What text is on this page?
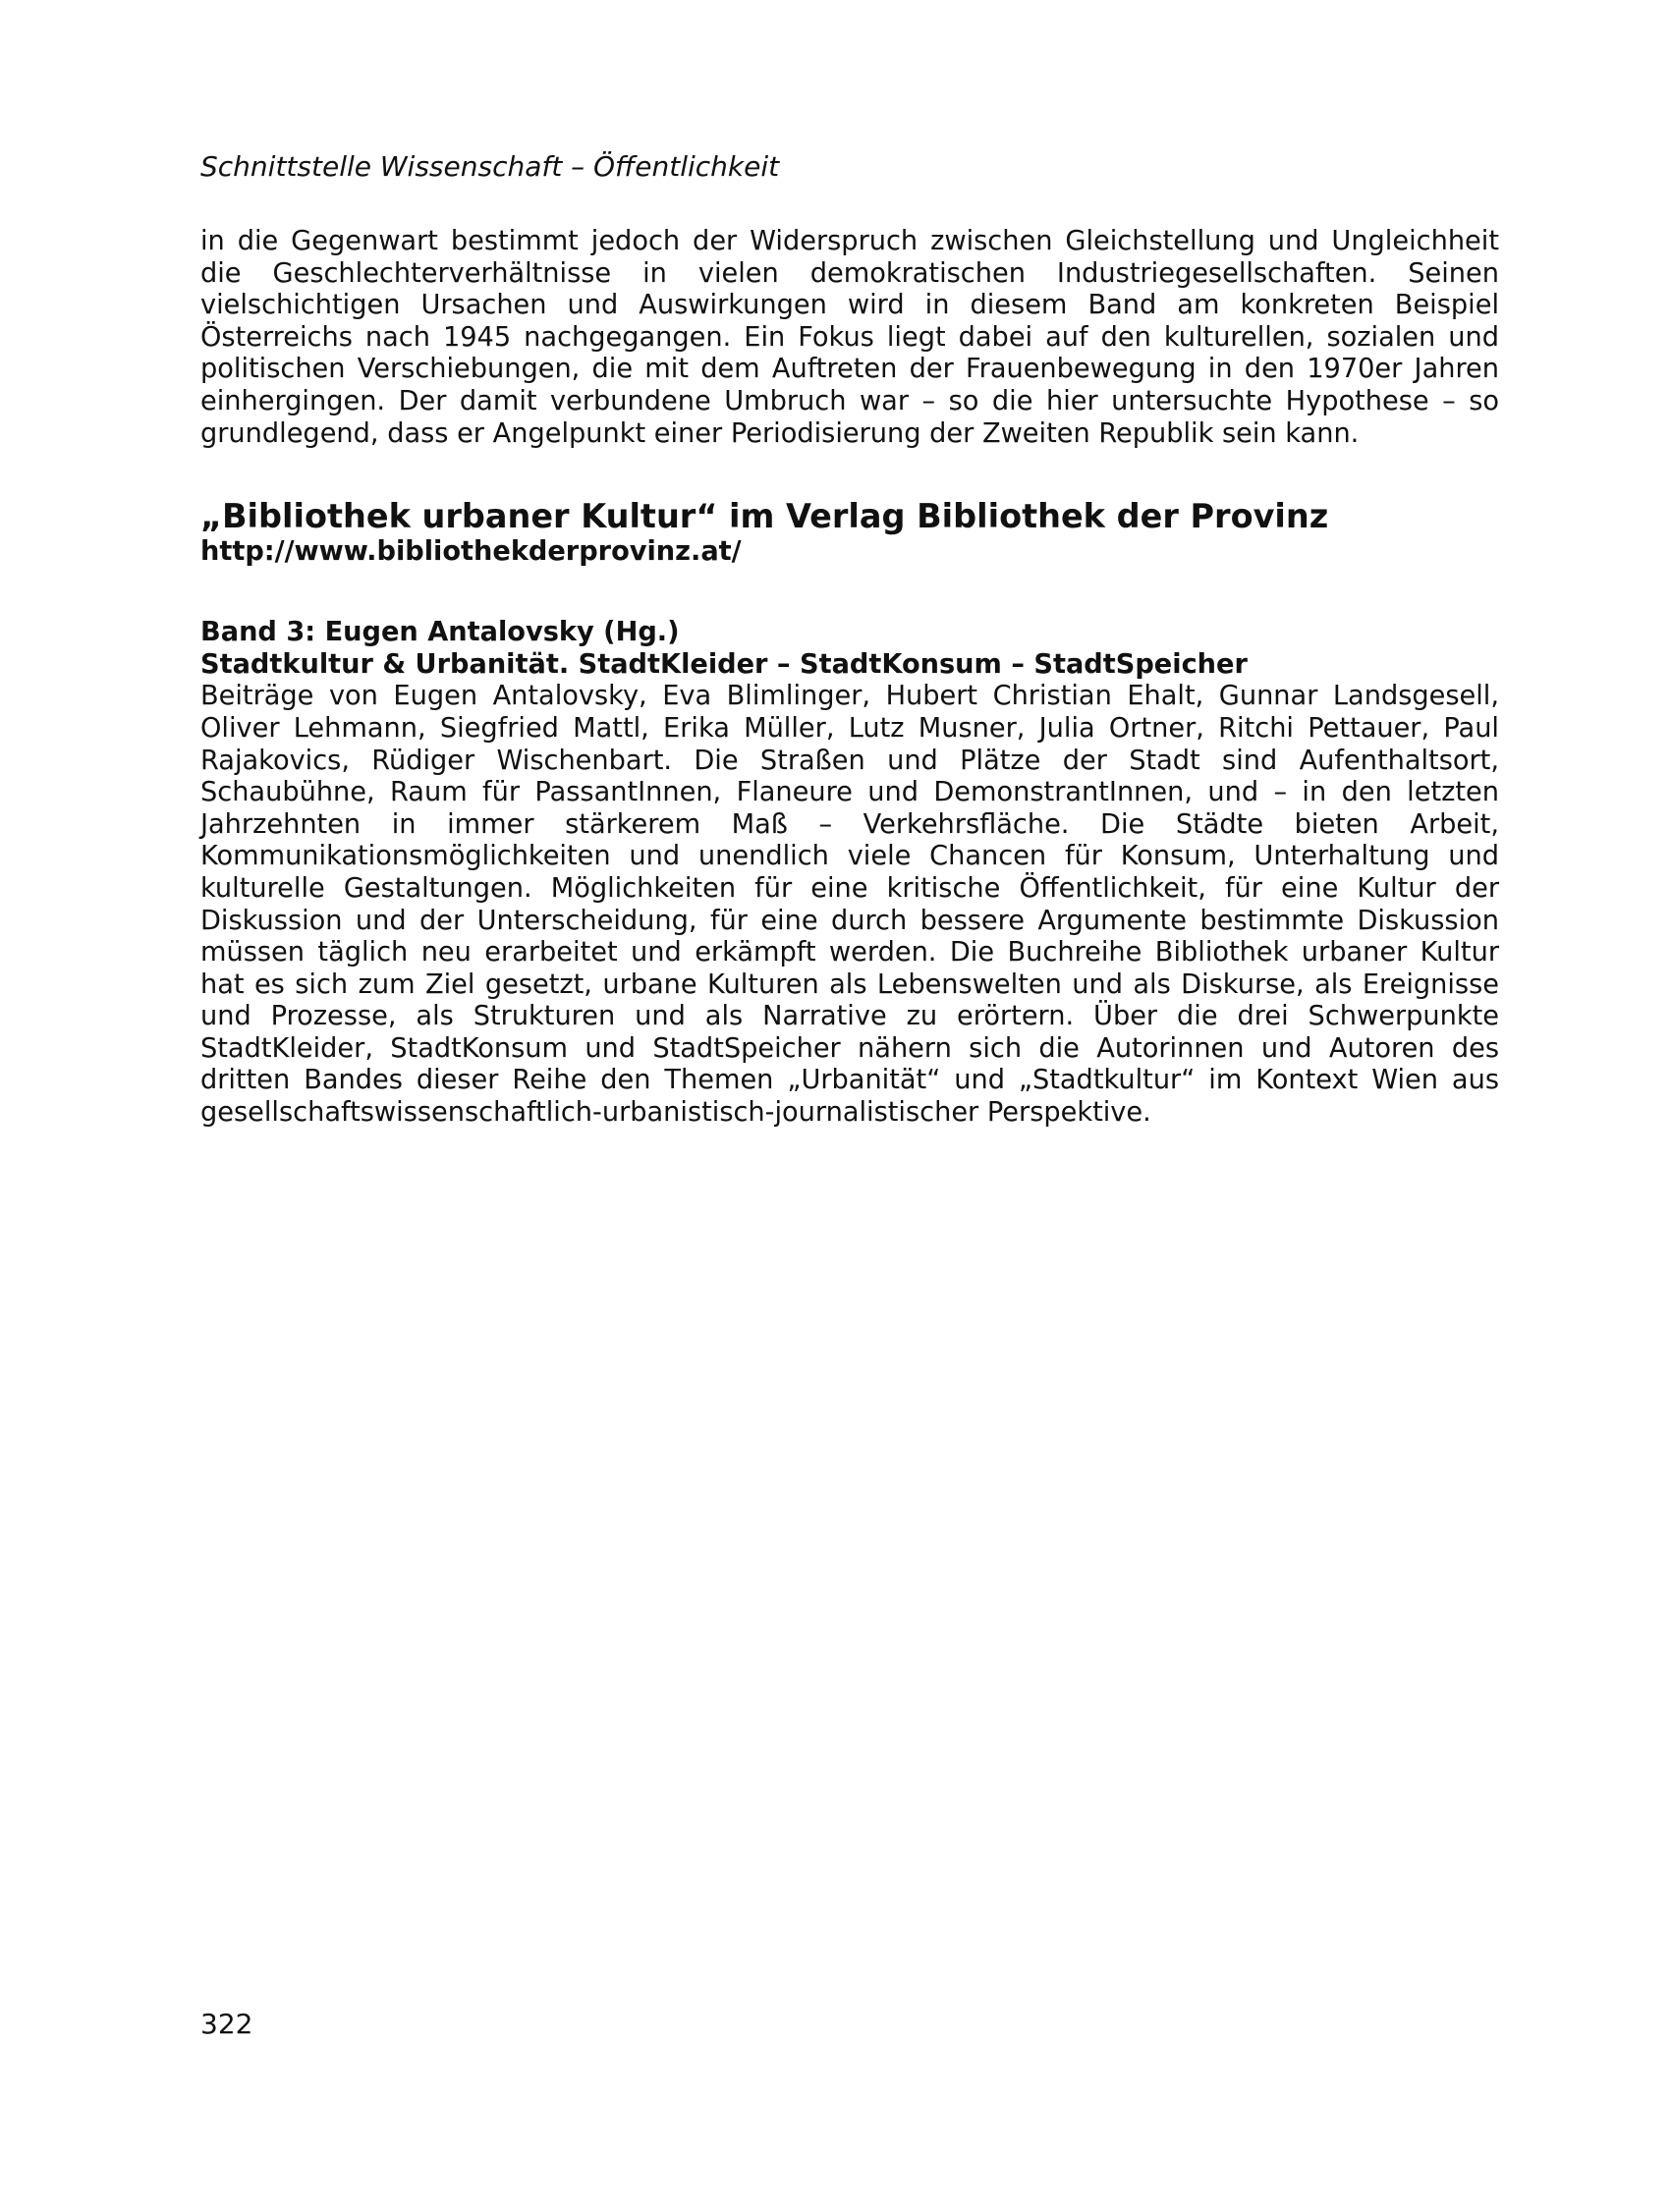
Schnittstelle Wissenschaft – Öffentlichkeit

in die Gegenwart bestimmt jedoch der Widerspruch zwischen Gleichstellung und Ungleichheit die Geschlechterverhältnisse in vielen demokratischen Industriegesellschaften. Seinen vielschichtigen Ursachen und Auswirkungen wird in diesem Band am konkreten Beispiel Österreichs nach 1945 nachgegangen. Ein Fokus liegt dabei auf den kulturellen, sozialen und politischen Verschiebungen, die mit dem Auftreten der Frauenbewegung in den 1970er Jahren einhergingen. Der damit verbundene Umbruch war – so die hier untersuchte Hypothese – so grundlegend, dass er Angelpunkt einer Periodisierung der Zweiten Republik sein kann.

„Bibliothek urbaner Kultur“ im Verlag Bibliothek der Provinz

http://www.bibliothekderprovinz.at/

Band 3: Eugen Antalovsky (Hg.)

Stadtkultur & Urbanität. StadtKleider – StadtKonsum – StadtSpeicher

Beiträge von Eugen Antalovsky, Eva Blimlinger, Hubert Christian Ehalt, Gunnar Landsgesell, Oliver Lehmann, Siegfried Mattl, Erika Müller, Lutz Musner, Julia Ortner, Ritchi Pettauer, Paul Rajakovics, Rüdiger Wischenbart. Die Straßen und Plätze der Stadt sind Aufenthaltsort, Schaubühne, Raum für PassantInnen, Flaneure und DemonstrantInnen, und – in den letzten Jahrzehnten in immer stärkerem Maß – Verkehrsfläche. Die Städte bieten Arbeit, Kommunikationsmöglichkeiten und unendlich viele Chancen für Konsum, Unterhaltung und kulturelle Gestaltungen. Möglichkeiten für eine kritische Öffentlichkeit, für eine Kultur der Diskussion und der Unterscheidung, für eine durch bessere Argumente bestimmte Diskussion müssen täglich neu erarbeitet und erkämpft werden. Die Buchreihe Bibliothek urbaner Kultur hat es sich zum Ziel gesetzt, urbane Kulturen als Lebenswelten und als Diskurse, als Ereignisse und Prozesse, als Strukturen und als Narrative zu erörtern. Über die drei Schwerpunkte StadtKleider, StadtKonsum und StadtSpeicher nähern sich die Autorinnen und Autoren des dritten Bandes dieser Reihe den Themen „Urbanität“ und „Stadtkultur“ im Kontext Wien aus gesellschaftswissenschaftlich-urbanistisch-journalistischer Perspektive.

322
